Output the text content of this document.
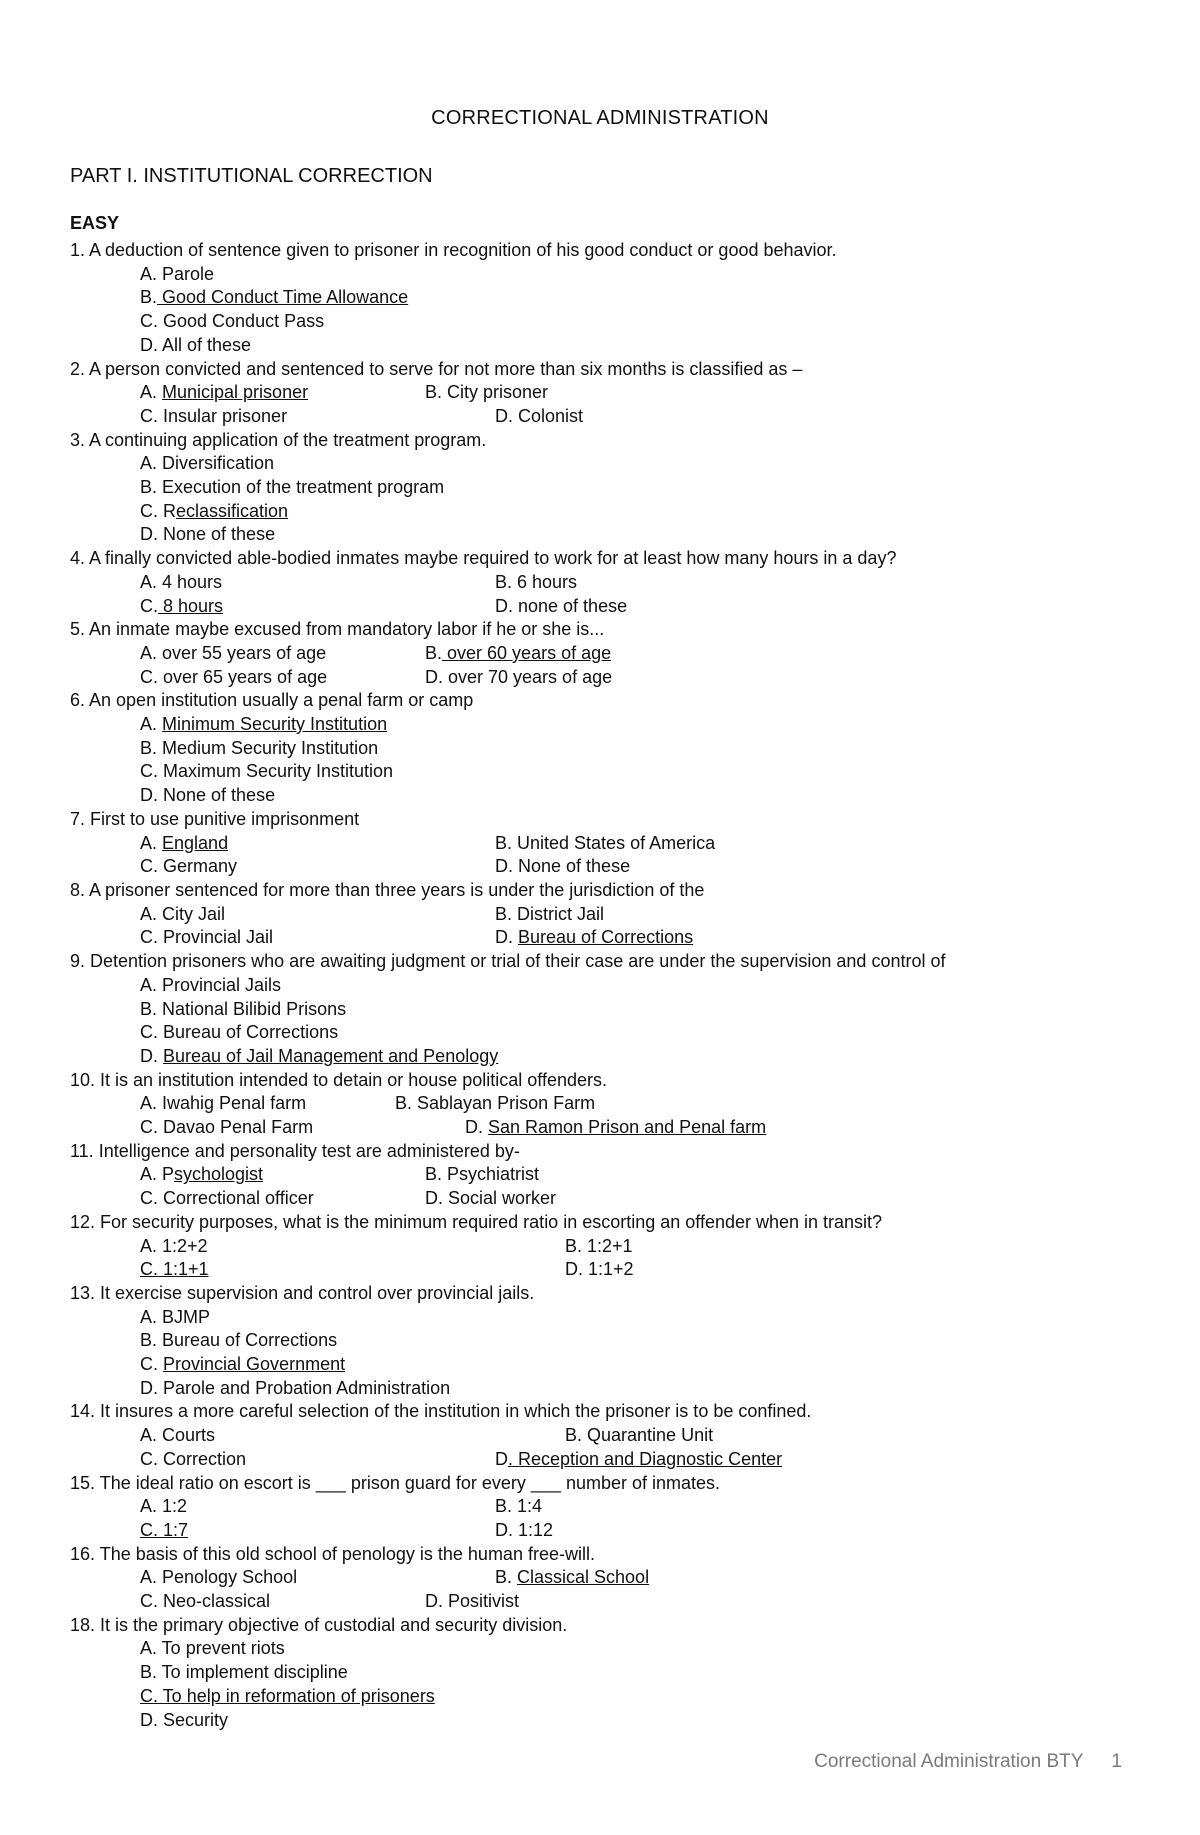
CORRECTIONAL ADMINISTRATION
PART I. INSTITUTIONAL CORRECTION
EASY
1. A deduction of sentence given to prisoner in recognition of his good conduct or good behavior.
A. Parole
B. Good Conduct Time Allowance
C. Good Conduct Pass
D. All of these
2. A person convicted and sentenced to serve for not more than six months is classified as –
A. Municipal prisoner	B. City prisoner
C. Insular prisoner	D. Colonist
3. A continuing application of the treatment program.
A. Diversification
B. Execution of the treatment program
C. Reclassification
D. None of these
4. A finally convicted able-bodied inmates maybe required to work for at least how many hours in a day?
A. 4 hours	B. 6 hours
C. 8 hours	D. none of these
5. An inmate maybe excused from mandatory labor if he or she is...
A. over 55 years of age	B. over 60 years of age
C. over 65 years of age	D. over 70 years of age
6. An open institution usually a penal farm or camp
A. Minimum Security Institution
B. Medium Security Institution
C. Maximum Security Institution
D. None of these
7. First to use punitive imprisonment
A. England	B. United States of America
C. Germany	D. None of these
8. A prisoner sentenced for more than three years is under the jurisdiction of the
A. City Jail	B. District Jail
C. Provincial Jail	D. Bureau of Corrections
9. Detention prisoners who are awaiting judgment or trial of their case are under the supervision and control of
A. Provincial Jails
B. National Bilibid Prisons
C. Bureau of Corrections
D. Bureau of Jail Management and Penology
10. It is an institution intended to detain or house political offenders.
A. Iwahig Penal farm	B. Sablayan Prison Farm
C. Davao Penal Farm	D. San Ramon Prison and Penal farm
11. Intelligence and personality test are administered by-
A. Psychologist	B. Psychiatrist
C. Correctional officer	D. Social worker
12. For security purposes, what is the minimum required ratio in escorting an offender when in transit?
A. 1:2+2	B. 1:2+1
C. 1:1+1	D. 1:1+2
13. It exercise supervision and control over provincial jails.
A. BJMP
B. Bureau of Corrections
C. Provincial Government
D. Parole and Probation Administration
14. It insures a more careful selection of the institution in which the prisoner is to be confined.
A. Courts	B. Quarantine Unit
C. Correction	D. Reception and Diagnostic Center
15. The ideal ratio on escort is ___ prison guard for every ___ number of inmates.
A. 1:2	B. 1:4
C. 1:7	D. 1:12
16. The basis of this old school of penology is the human free-will.
A. Penology School	B. Classical School
C. Neo-classical	D. Positivist
18. It is the primary objective of custodial and security division.
A. To prevent riots
B. To implement discipline
C. To help in reformation of prisoners
D. Security
Correctional Administration BTY 1
